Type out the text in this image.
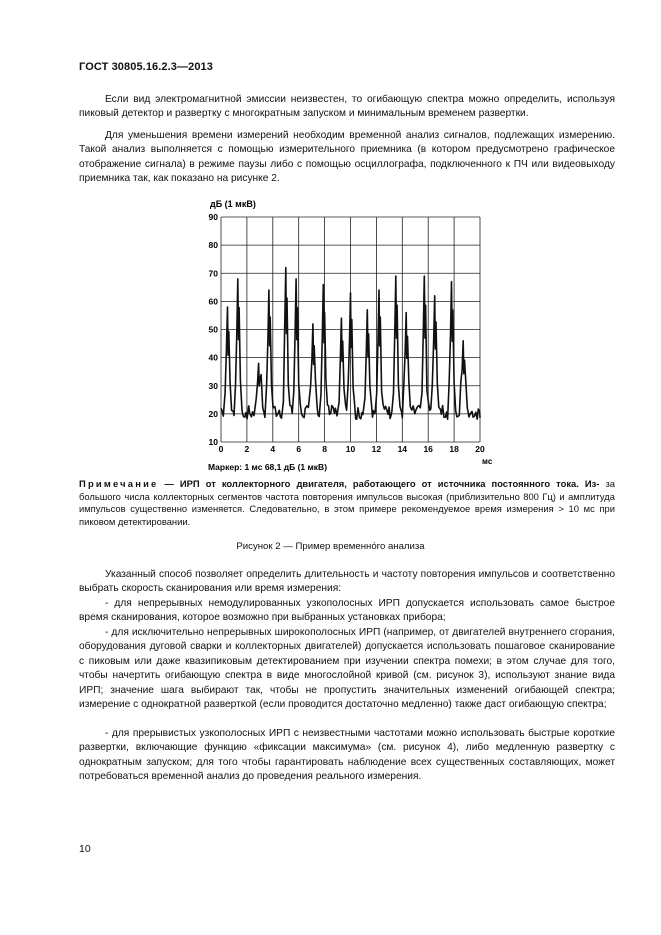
ГОСТ 30805.16.2.3—2013

Если вид электромагнитной эмиссии неизвестен, то огибающую спектра можно определить, используя пиковый детектор и развертку с многократным запуском и минимальным временем развертки.

Для уменьшения времени измерений необходим временной анализ сигналов, подлежащих измерению. Такой анализ выполняется с помощью измерительного приемника (в котором предусмотрено графическое отображение сигнала) в режиме паузы либо с помощью осциллографа, подключенного к ПЧ или видеовыходу приемника так, как показано на рисунке 2.

дБ (1 мкВ)
90
80
70
60
50
40
30
20
10
0 2 4 6 8 10 12 14 16 18 20
мс
Маркер: 1 мс 68,1 дБ (1 мкВ)

Примечание — ИРП от коллекторного двигателя, работающего от источника постоянного тока. Из- за большого числа коллекторных сегментов частота повторения импульсов высокая (приблизительно 800 Гц) и амплитуда импульсов существенно изменяется. Следовательно, в этом примере рекомендуемое время измерения > 10 мс при пиковом детектировании.

Рисунок 2 — Пример временно́го анализа

Указанный способ позволяет определить длительность и частоту повторения импульсов и соответственно выбрать скорость сканирования или время измерения:

- для непрерывных немодулированных узкополосных ИРП допускается использовать самое быстрое время сканирования, которое возможно при выбранных установках прибора;

- для исключительно непрерывных широкополосных ИРП (например, от двигателей внутреннего сгорания, оборудования дуговой сварки и коллекторных двигателей) допускается использовать пошаговое сканирование с пиковым или даже квазипиковым детектированием при изучении спектра помехи; в этом случае для того, чтобы начертить огибающую спектра в виде многослойной кривой (см. рисунок 3), используют знание вида ИРП; значение шага выбирают так, чтобы не пропустить значительных изменений огибающей спектра; измерение с однократной разверткой (если проводится достаточно медленно) также даст огибающую спектра;

- для прерывистых узкополосных ИРП с неизвестными частотами можно использовать быстрые короткие развертки, включающие функцию «фиксации максимума» (см. рисунок 4), либо медленную развертку с однократным запуском; для того чтобы гарантировать наблюдение всех существенных составляющих, может потребоваться временной анализ до проведения реального измерения.

10
